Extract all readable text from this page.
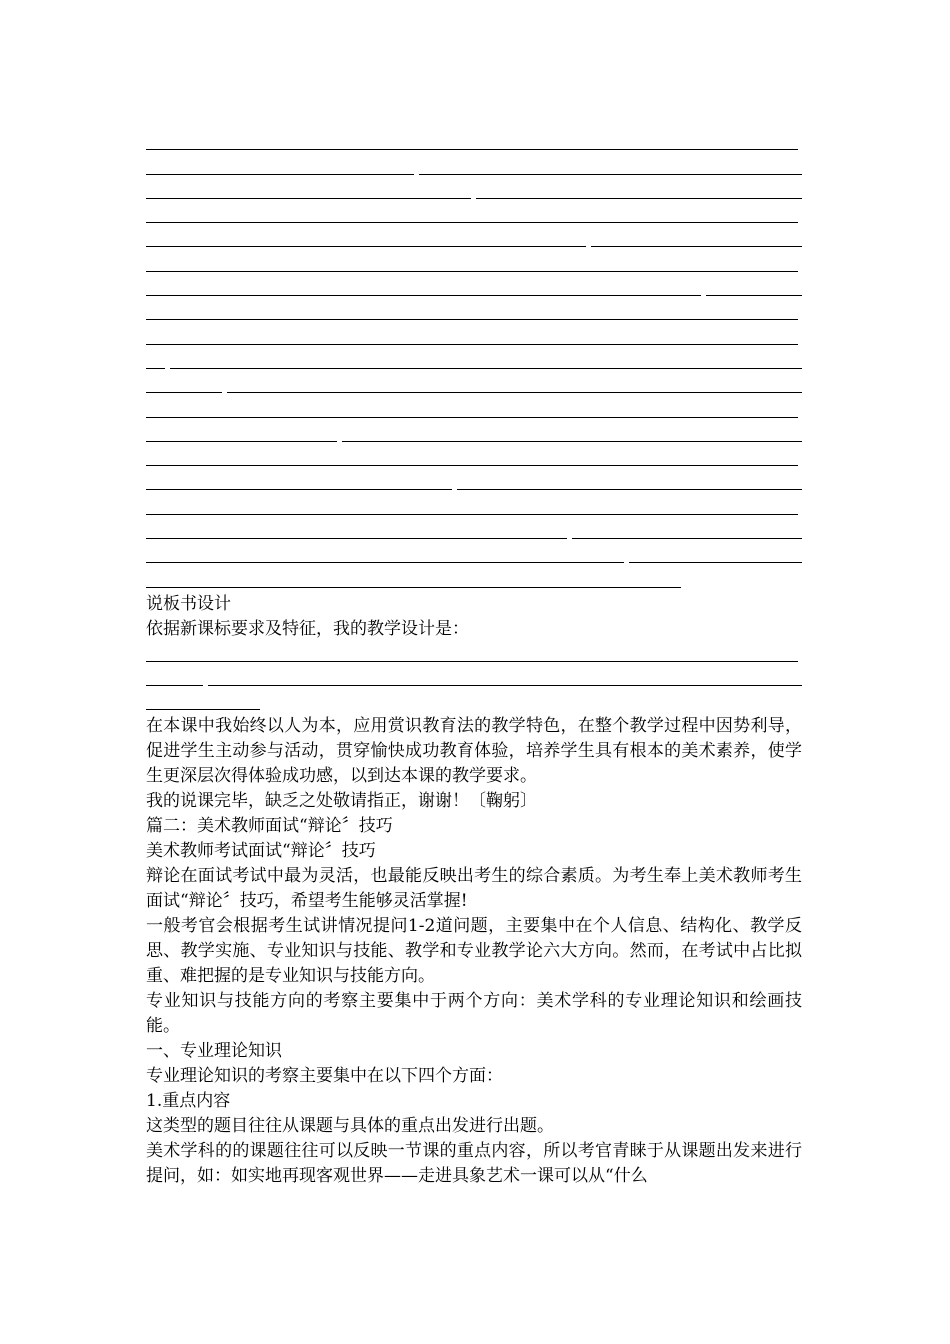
说板书设计

依据新课标要求及特征，我的教学设计是：

在本课中我始终以人为本，应用赏识教育法的教学特色，在整个教学过程中因势利导，促进学生主动参与活动，贯穿愉快成功教育体验，培养学生具有根本的美术素养，使学生更深层次得体验成功感，以到达本课的教学要求。

我的说课完毕，缺乏之处敬请指正，谢谢！〔鞠躬〕

篇二：美术教师面试“辩论〞技巧

美术教师考试面试“辩论〞技巧

辩论在面试考试中最为灵活，也最能反映出考生的综合素质。为考生奉上美术教师考生面试“辩论〞技巧，希望考生能够灵活掌握!

一般考官会根据考生试讲情况提问1-2道问题，主要集中在个人信息、结构化、教学反思、教学实施、专业知识与技能、教学和专业教学论六大方向。然而，在考试中占比拟重、难把握的是专业知识与技能方向。

专业知识与技能方向的考察主要集中于两个方向：美术学科的专业理论知识和绘画技能。

一、专业理论知识

专业理论知识的考察主要集中在以下四个方面：

1.重点内容

这类型的题目往往从课题与具体的重点出发进行出题。

美术学科的的课题往往可以反映一节课的重点内容，所以考官青睐于从课题出发来进行提问，如：如实地再现客观世界——走进具象艺术一课可以从“什么
